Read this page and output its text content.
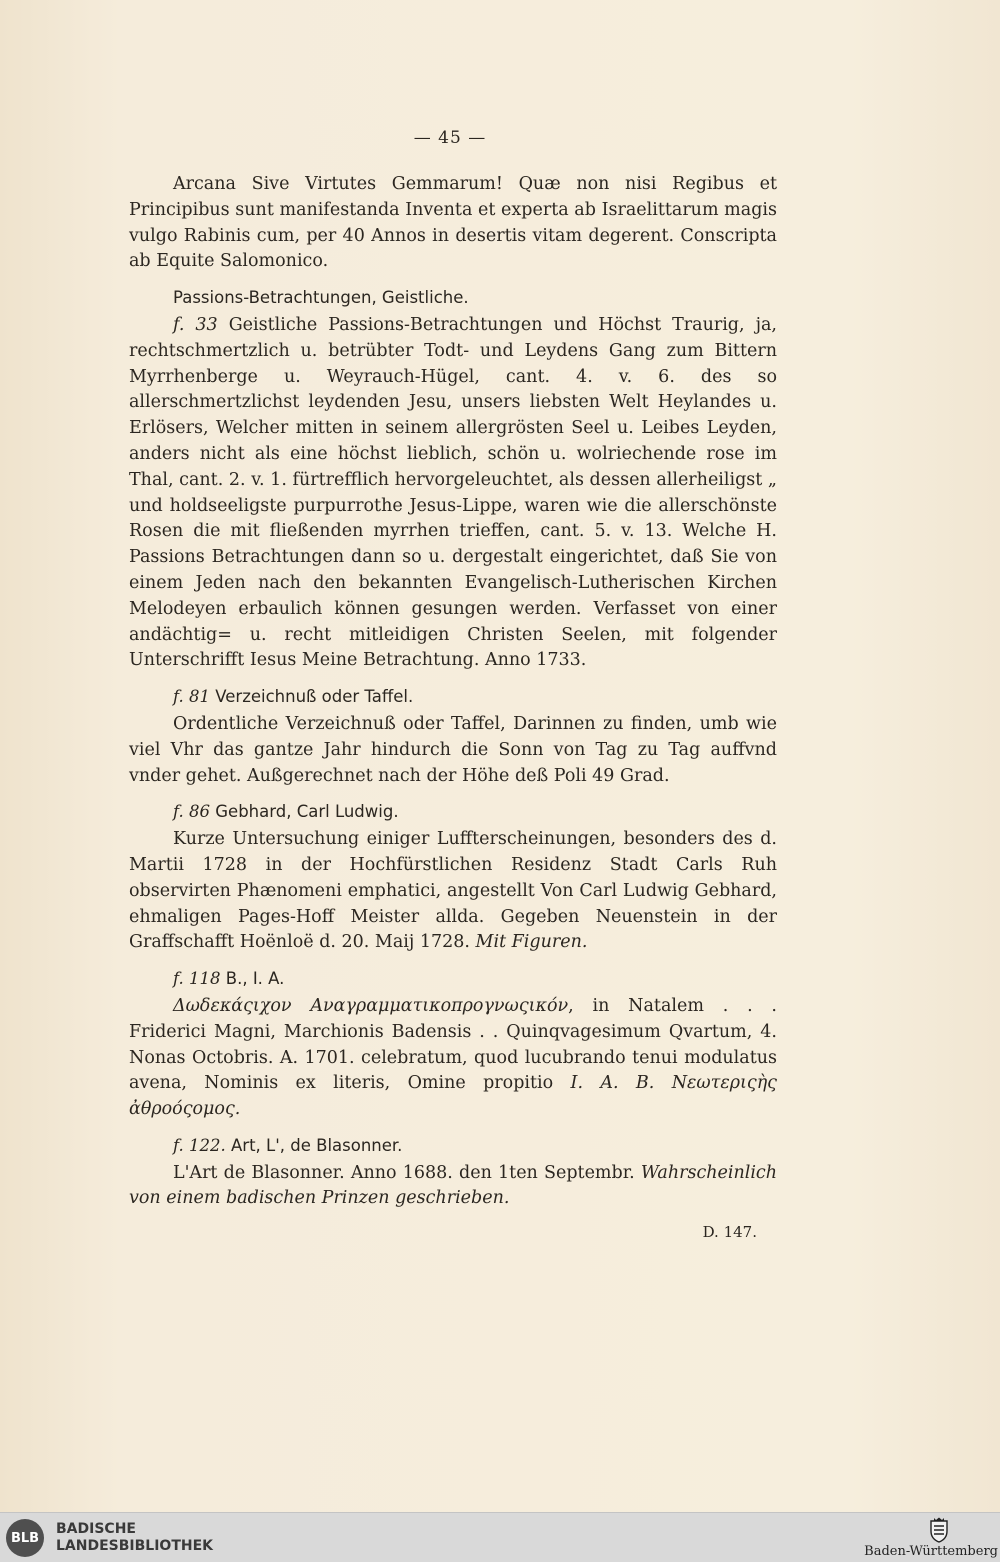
— 45 —

Arcana Sive Virtutes Gemmarum! Quæ non nisi Regibus et Principibus sunt manifestanda Inventa et experta ab Israelittarum magis vulgo Rabinis cum, per 40 Annos in desertis vitam degerent. Conscripta ab Equite Salomonico.

Passions-Betrachtungen, Geistliche.

f. 33 Geistliche Passions-Betrachtungen und Höchst Traurig, ja, rechtschmertzlich u. betrübter Todt- und Leydens Gang zum Bittern Myrrhenberge u. Weyrauch-Hügel, cant. 4. v. 6. des so allerschmertzlichst leydenden Jesu, unsers liebsten Welt Heylandes u. Erlösers, Welcher mitten in seinem allergrösten Seel u. Leibes Leyden, anders nicht als eine höchst lieblich, schön u. wolriechende rose im Thal, cant. 2. v. 1. fürtrefflich hervorgeleuchtet, als dessen allerheiligst „ und holdseeligste purpurrothe Jesus-Lippe, waren wie die allerschönste Rosen die mit fließenden myrrhen trieffen, cant. 5. v. 13. Welche H. Passions Betrachtungen dann so u. dergestalt eingerichtet, daß Sie von einem Jeden nach den bekannten Evangelisch-Lutherischen Kirchen Melodeyen erbaulich können gesungen werden. Verfasset von einer andächtig= u. recht mitleidigen Christen Seelen, mit folgender Unterschrifft Iesus Meine Betrachtung. Anno 1733.

f. 81 Verzeichnuß oder Taffel.

Ordentliche Verzeichnuß oder Taffel, Darinnen zu finden, umb wie viel Vhr das gantze Jahr hindurch die Sonn von Tag zu Tag auffvnd vnder gehet. Außgerechnet nach der Höhe deß Poli 49 Grad.

f. 86 Gebhard, Carl Ludwig.

Kurze Untersuchung einiger Luffterscheinungen, besonders des d. Martii 1728 in der Hochfürstlichen Residenz Stadt Carls Ruh observirten Phænomeni emphatici, angestellt Von Carl Ludwig Gebhard, ehmaligen Pages-Hoff Meister allda. Gegeben Neuenstein in der Graffschafft Hoënloë d. 20. Maij 1728. Mit Figuren.

f. 118 B., I. A.

Δωδεκάςιχον Αναγραμματικοπρογνωςικόν, in Natalem . . . Friderici Magni, Marchionis Badensis . . Quinqvagesimum Qvartum, 4. Nonas Octobris. A. 1701. celebratum, quod lucubrando tenui modulatus avena, Nominis ex literis, Omine propitio I. A. B. Νεωτεριςὴς ἀθροόςομος.

f. 122. Art, L', de Blasonner.

L'Art de Blasonner. Anno 1688. den 1ten Septembr. Wahrscheinlich von einem badischen Prinzen geschrieben.

D. 147.

BLB
BADISCHE
LANDESBIBLIOTHEK	Baden-Württemberg
